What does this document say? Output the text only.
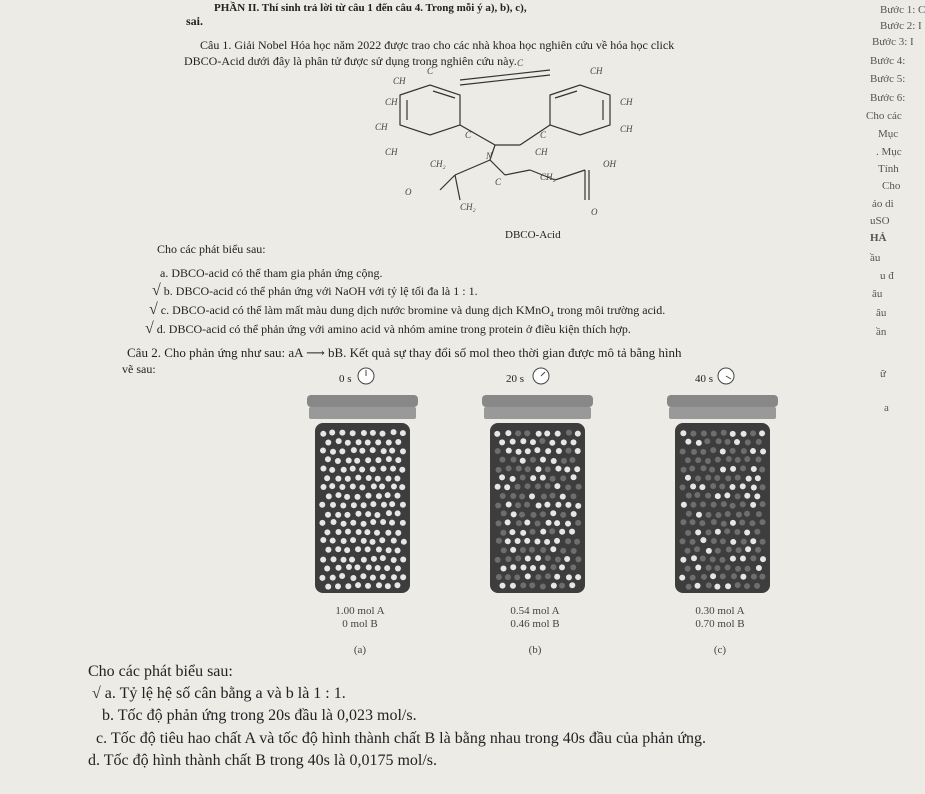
PHẦN II. Thí sinh trả lời từ câu 1 đến câu 4. Trong mỗi ý a), b), c),
sai.
Câu 1. Giải Nobel Hóa học năm 2022 được trao cho các nhà khoa học nghiên cứu về hóa học click
DBCO-Acid dưới đây là phân tử được sử dụng trong nghiên cứu này.
CH
C
C
CH
CH	CH
CH	CH
C	C
CH	N	CH
CH₂
C	CH₂
O
CH₂
OH
O
DBCO-Acid
Cho các phát biểu sau:
a. DBCO-acid có thể tham gia phản ứng cộng.
√ b. DBCO-acid có thể phản ứng với NaOH với tỷ lệ tối đa là 1 : 1.
√ c. DBCO-acid có thể làm mất màu dung dịch nước bromine và dung dịch KMnO₄ trong môi trường acid.
√ d. DBCO-acid có thể phản ứng với amino acid và nhóm amine trong protein ở điều kiện thích hợp.
Câu 2. Cho phản ứng như sau: aA ⟶ bB. Kết quả sự thay đổi số mol theo thời gian được mô tả bằng hình
vẽ sau:
0 s
1.00 mol A
0 mol B
(a)
20 s
0.54 mol A
0.46 mol B
(b)
40 s
0.30 mol A
0.70 mol B
(c)
Cho các phát biểu sau:
√ a. Tỷ lệ hệ số cân bằng a và b là 1 : 1.
b. Tốc độ phản ứng trong 20s đầu là 0,023 mol/s.
c. Tốc độ tiêu hao chất A và tốc độ hình thành chất B là bằng nhau trong 40s đầu của phản ứng.
d. Tốc độ hình thành chất B trong 40s là 0,0175 mol/s.
Bước 1: C
Bước 2: I
Bước 3: I
Bước 4:
Bước 5:
Bước 6:
Cho các
Mục
. Mục
Tính
Cho
ảo di
uSO
HẢ
ầu
u đ
âu
âu
ần
ữ
a
